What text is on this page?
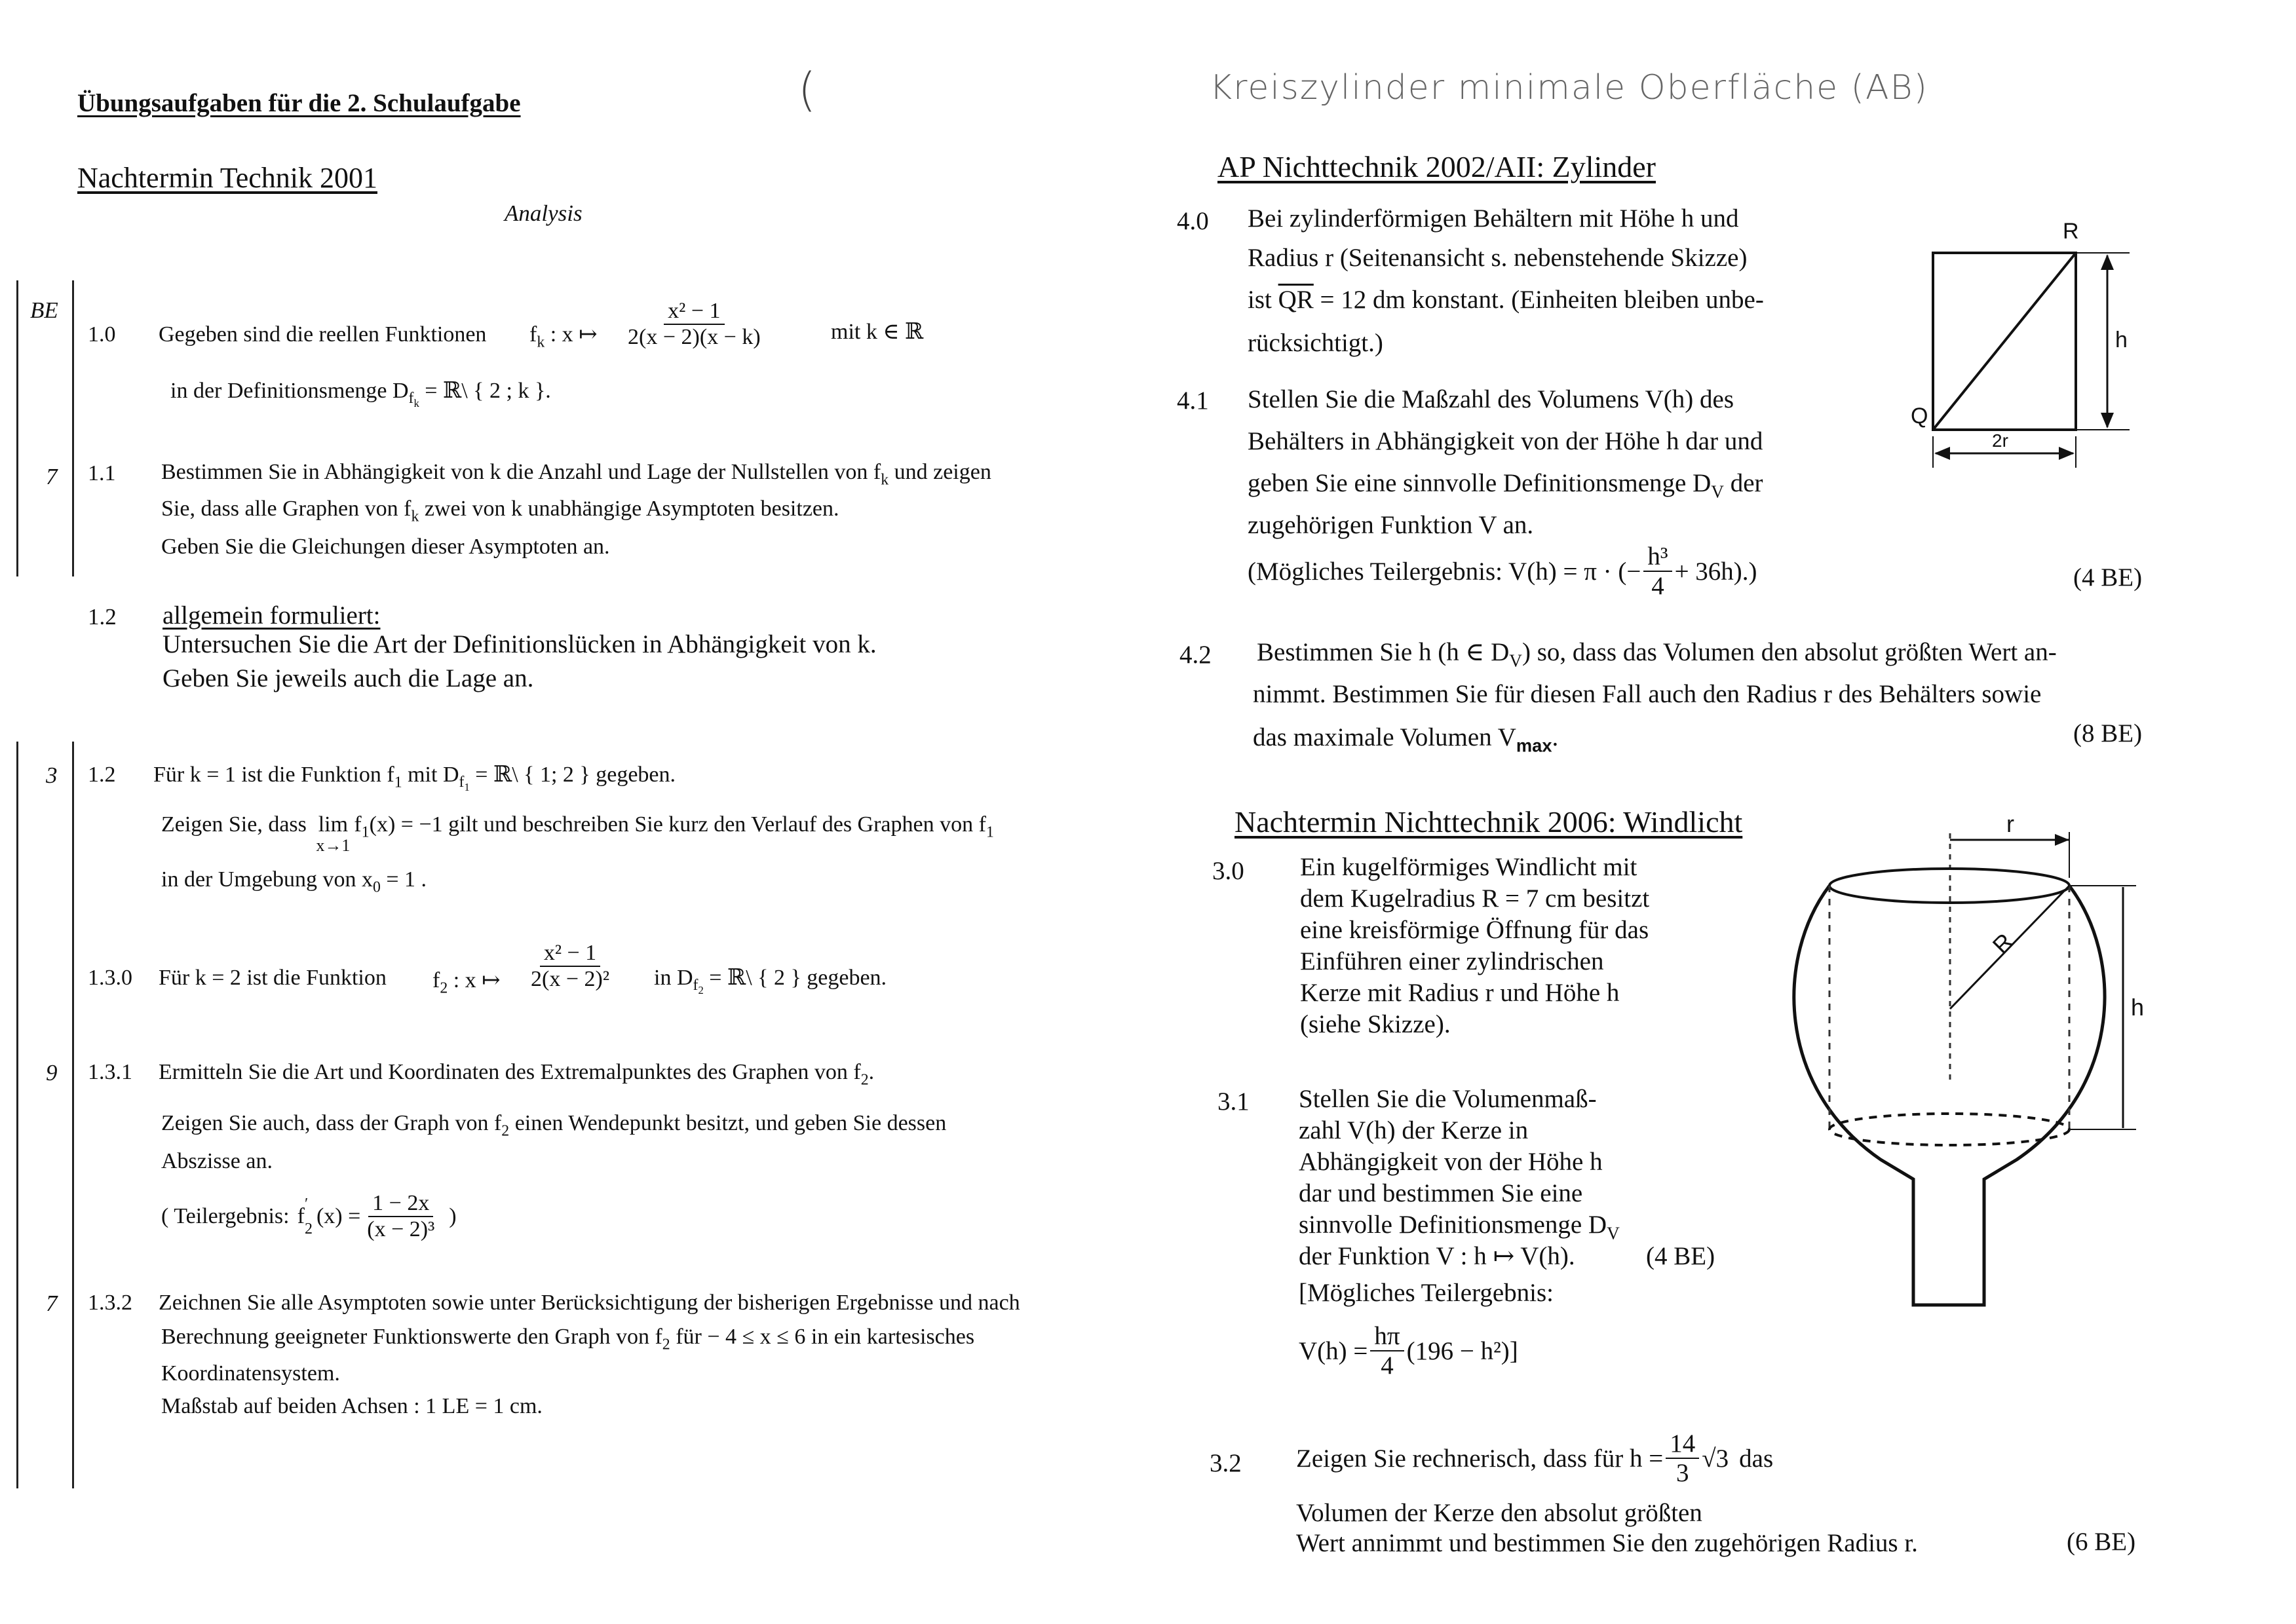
Übungsaufgaben für die 2. Schulaufgabe	(
Nachtermin Technik 2001
Analysis
BE
1.0 Gegeben sind die reellen Funktionen $f_k$ : x ↦ $\frac{\text{x² − 1}}{2(x - 2)(x - k)}$	mit k ∈ ℝ
in der Definitionsmenge $D_{f_k}$ = ℝ\ { 2 ; k }.
7 1.1 Bestimmen Sie in Abhängigkeit von k die Anzahl und Lage der Nullstellen von $f_k$ und zeigen
Sie, dass alle Graphen von $f_k$ zwei von k unabhängige Asymptoten besitzen.
Geben Sie die Gleichungen dieser Asymptoten an.
1.2 allgemein formuliert:
Untersuchen Sie die Art der Definitionslücken in Abhängigkeit von k.
Geben Sie jeweils auch die Lage an.
3 1.2 Für k = 1 ist die Funktion $f_1$ mit $D_{f_1}$ = ℝ\ { 1; 2 } gegeben.
Zeigen Sie, dass lim
x→1
$f_1(x) = -1$ gilt und beschreiben Sie kurz den Verlauf des Graphen von $f_1$
in der Umgebung von $x_0 = 1$ .
1.3.0 Für k = 2 ist die Funktion $f_2$ : x ↦ $\frac{\text{x² − 1}}{\text{2(x − 2)²}}$ in $D_{f_2}$ = ℝ\ { 2 } gegeben.
9 1.3.1 Ermitteln Sie die Art und Koordinaten des Extremalpunktes des Graphen von $f_2$.
Zeigen Sie auch, dass der Graph von $f_2$ einen Wendepunkt besitzt, und geben Sie dessen
Abszisse an.
( Teilergebnis: f ′
2
$(x) = \frac{1 - 2x}{\text{(x − 2)³}}$ )
7 1.3.2 Zeichnen Sie alle Asymptoten sowie unter Berücksichtigung der bisherigen Ergebnisse und nach
Berechnung geeigneter Funktionswerte den Graph von $f_2$ für − 4 ≤ x ≤ 6 in ein kartesisches
Koordinatensystem.
Maßstab auf beiden Achsen : 1 LE = 1 cm.
Kreiszylinder minimale Oberfläche (AB)
AP Nichttechnik 2002/AII: Zylinder
4.0 Bei zylinderförmigen Behältern mit Höhe h und
Radius r (Seitenansicht s. nebenstehende Skizze)
ist $\overline{QR} = 12$ dm konstant. (Einheiten bleiben unbe-
rücksichtigt.)
4.1 Stellen Sie die Maßzahl des Volumens V(h) des
Behälters in Abhängigkeit von der Höhe h dar und
geben Sie eine sinnvolle Definitionsmenge $D_V$ der
zugehörigen Funktion V an.
(Mögliches Teilergebnis: V(h) = π · (− $\frac{\text{h³}}{4} + 36h$).)	(4 BE)
4.2 Bestimmen Sie h (h ∈ $D_V$) so, dass das Volumen den absolut größten Wert an-
nimmt. Bestimmen Sie für diesen Fall auch den Radius r des Behälters sowie
das maximale Volumen $V_{max}$.	(8 BE)
R
Q
h
2r
Nachtermin Nichttechnik 2006: Windlicht
3.0 Ein kugelförmiges Windlicht mit
dem Kugelradius R = 7 cm besitzt
eine kreisförmige Öffnung für das
Einführen einer zylindrischen
Kerze mit Radius r und Höhe h
(siehe Skizze).
3.1 Stellen Sie die Volumenmaß-
zahl V(h) der Kerze in
Abhängigkeit von der Höhe h
dar und bestimmen Sie eine
sinnvolle Definitionsmenge $D_V$
der Funktion V : h ↦ V(h).	(4 BE)
[Mögliches Teilergebnis:
$V(h) = \frac{h\pi}{4} (196 - h^2)$]
3.2 Zeigen Sie rechnerisch, dass für $h = \frac{14}{3} √3$ das
Volumen der Kerze den absolut größten
Wert annimmt und bestimmen Sie den zugehörigen Radius r.	(6 BE)
r
R
h
